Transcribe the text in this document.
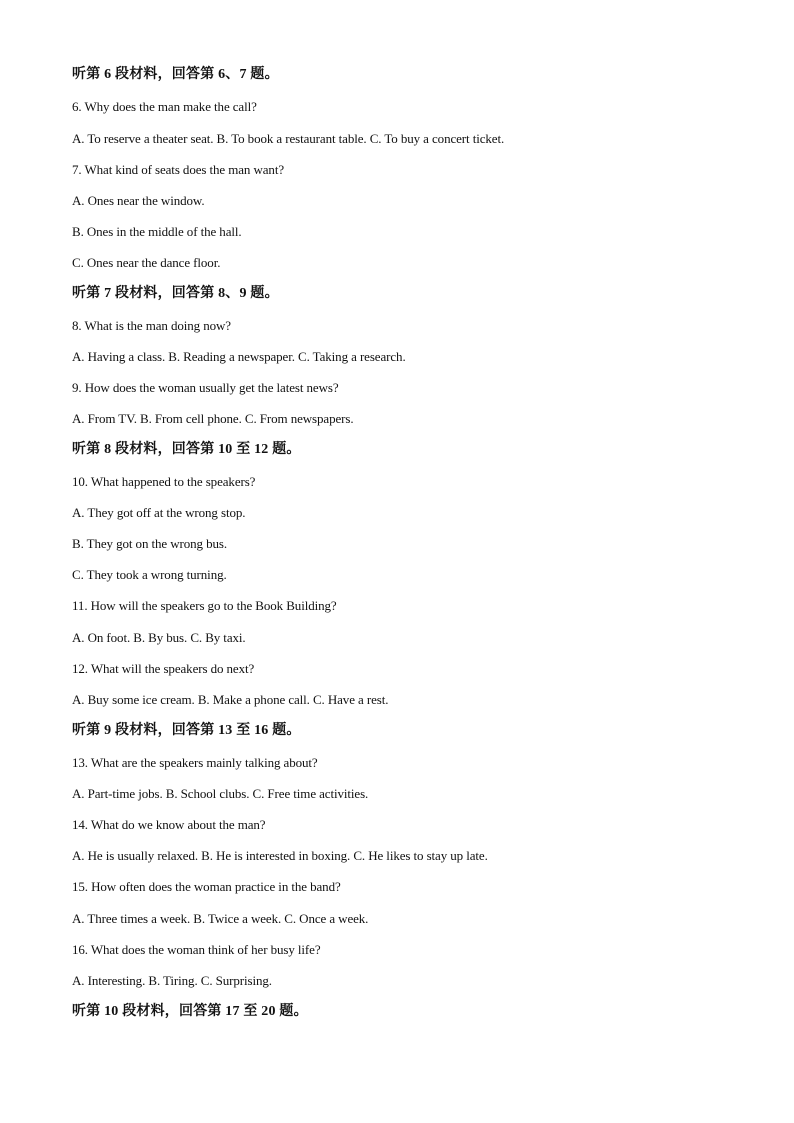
听第 6 段材料，回答第 6、7 题。
6. Why does the man make the call?
A. To reserve a theater seat. B. To book a restaurant table. C. To buy a concert ticket.
7. What kind of seats does the man want?
A. Ones near the window.
B. Ones in the middle of the hall.
C. Ones near the dance floor.
听第 7 段材料，回答第 8、9 题。
8. What is the man doing now?
A. Having a class. B. Reading a newspaper. C. Taking a research.
9. How does the woman usually get the latest news?
A. From TV. B. From cell phone. C. From newspapers.
听第 8 段材料，回答第 10 至 12 题。
10. What happened to the speakers?
A. They got off at the wrong stop.
B. They got on the wrong bus.
C. They took a wrong turning.
11. How will the speakers go to the Book Building?
A. On foot. B. By bus. C. By taxi.
12. What will the speakers do next?
A. Buy some ice cream. B. Make a phone call. C. Have a rest.
听第 9 段材料，回答第 13 至 16 题。
13. What are the speakers mainly talking about?
A. Part-time jobs. B. School clubs. C. Free time activities.
14. What do we know about the man?
A. He is usually relaxed. B. He is interested in boxing. C. He likes to stay up late.
15. How often does the woman practice in the band?
A. Three times a week. B. Twice a week. C. Once a week.
16. What does the woman think of her busy life?
A. Interesting. B. Tiring. C. Surprising.
听第 10 段材料，回答第 17 至 20 题。
